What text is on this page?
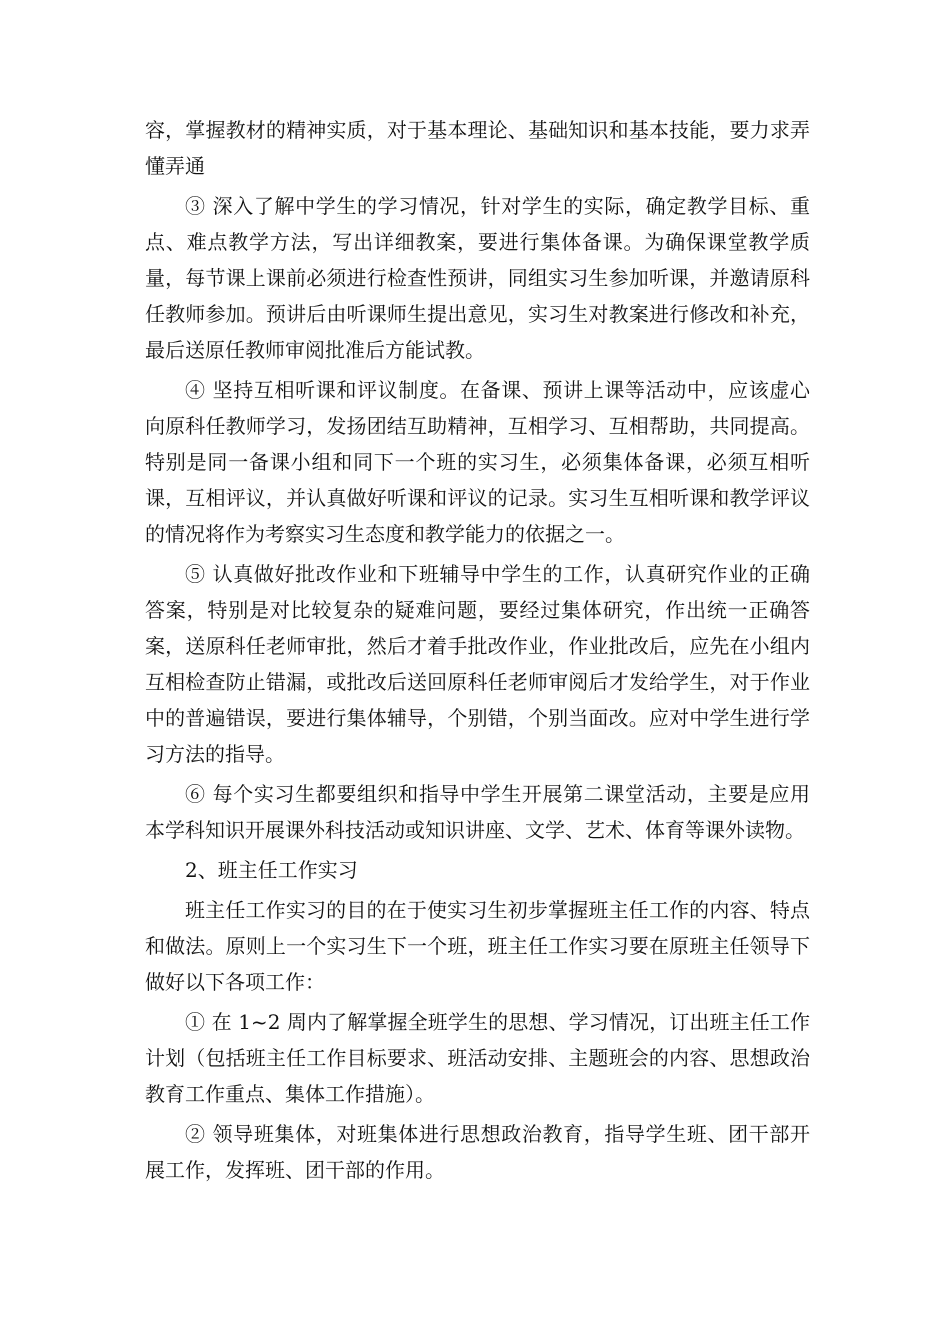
容，掌握教材的精神实质，对于基本理论、基础知识和基本技能，要力求弄懂弄通

③ 深入了解中学生的学习情况，针对学生的实际，确定教学目标、重点、难点教学方法，写出详细教案，要进行集体备课。为确保课堂教学质量，每节课上课前必须进行检查性预讲，同组实习生参加听课，并邀请原科任教师参加。预讲后由听课师生提出意见，实习生对教案进行修改和补充，最后送原任教师审阅批准后方能试教。

④ 坚持互相听课和评议制度。在备课、预讲上课等活动中，应该虚心向原科任教师学习，发扬团结互助精神，互相学习、互相帮助，共同提高。特别是同一备课小组和同下一个班的实习生，必须集体备课，必须互相听课，互相评议，并认真做好听课和评议的记录。实习生互相听课和教学评议的情况将作为考察实习生态度和教学能力的依据之一。

⑤ 认真做好批改作业和下班辅导中学生的工作，认真研究作业的正确答案，特别是对比较复杂的疑难问题，要经过集体研究，作出统一正确答案，送原科任老师审批，然后才着手批改作业，作业批改后，应先在小组内互相检查防止错漏，或批改后送回原科任老师审阅后才发给学生，对于作业中的普遍错误，要进行集体辅导，个别错，个别当面改。应对中学生进行学习方法的指导。

⑥ 每个实习生都要组织和指导中学生开展第二课堂活动，主要是应用本学科知识开展课外科技活动或知识讲座、文学、艺术、体育等课外读物。

2、班主任工作实习

班主任工作实习的目的在于使实习生初步掌握班主任工作的内容、特点和做法。原则上一个实习生下一个班，班主任工作实习要在原班主任领导下做好以下各项工作：

① 在 1~2 周内了解掌握全班学生的思想、学习情况，订出班主任工作计划（包括班主任工作目标要求、班活动安排、主题班会的内容、思想政治教育工作重点、集体工作措施）。

② 领导班集体，对班集体进行思想政治教育，指导学生班、团干部开展工作，发挥班、团干部的作用。
